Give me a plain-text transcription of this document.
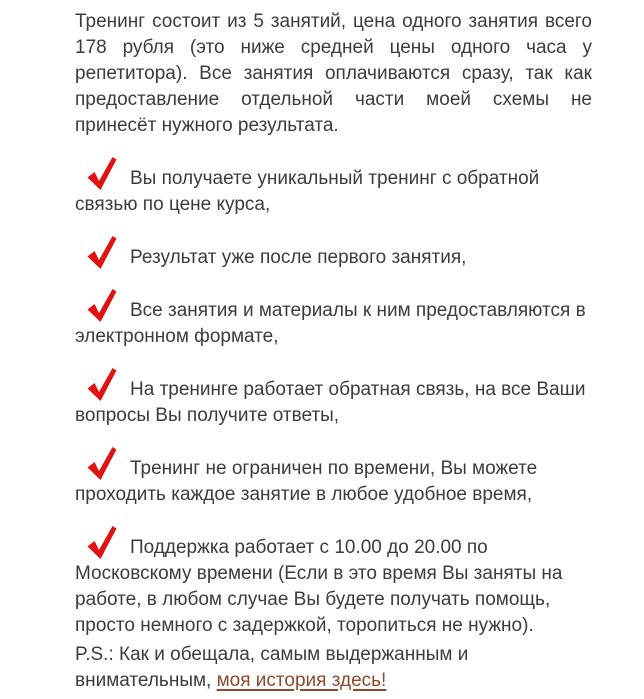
Тренинг состоит из 5 занятий, цена одного занятия всего 178 рубля (это ниже средней цены одного часа у репетитора). Все занятия оплачиваются сразу, так как предоставление отдельной части моей схемы не принесёт нужного результата.

Вы получаете уникальный тренинг с обратной связью по цене курса,

Результат уже после первого занятия,

Все занятия и материалы к ним предоставляются в электронном формате,

На тренинге работает обратная связь, на все Ваши вопросы Вы получите ответы,

Тренинг не ограничен по времени, Вы можете проходить каждое занятие в любое удобное время,

Поддержка работает с 10.00 до 20.00 по Московскому времени (Если в это время Вы заняты на работе, в любом случае Вы будете получать помощь, просто немного с задержкой, торопиться не нужно).

P.S.: Как и обещала, самым выдержанным и внимательным, моя история здесь!
